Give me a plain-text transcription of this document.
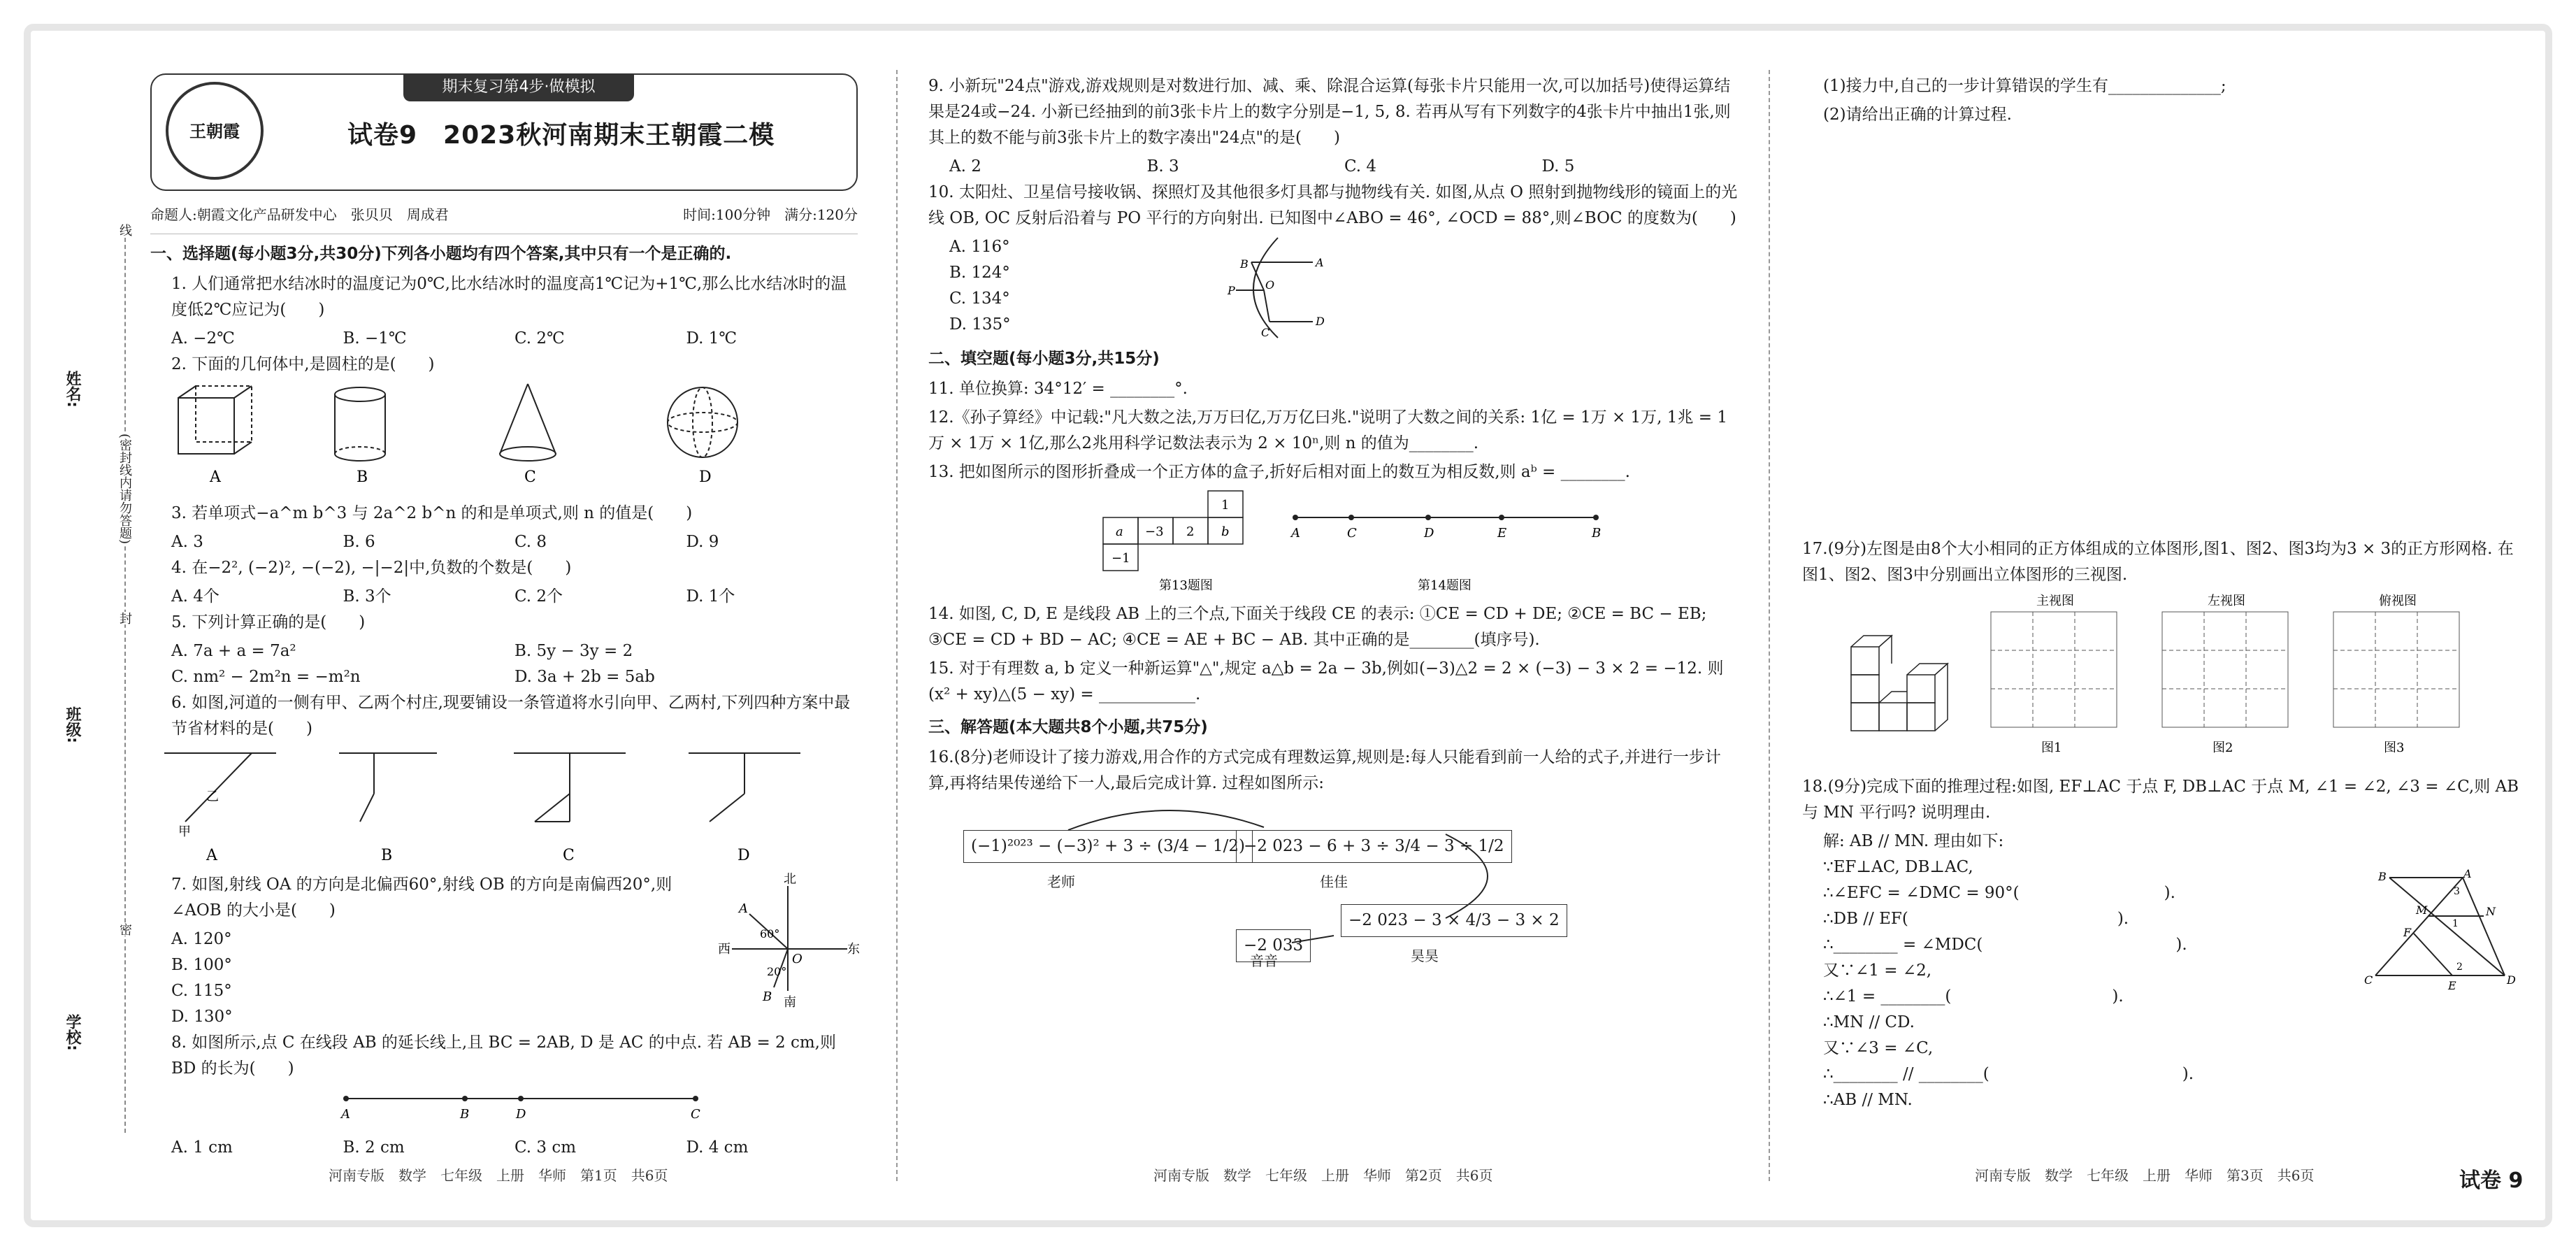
姓名:
班级:
学校:
线
(密封线内请勿答题)
封
密
期末复习第4步·做模拟
王朝霞	试卷9　2023秋河南期末王朝霞二模
命题人:朝霞文化产品研发中心　张贝贝　周成君	时间:100分钟　满分:120分
一、选择题(每小题3分,共30分)下列各小题均有四个答案,其中只有一个是正确的.
1. 人们通常把水结冰时的温度记为0℃,比水结冰时的温度高1℃记为+1℃,那么比水结冰时的温度低2℃应记为(　　)
A. −2℃	B. −1℃	C. 2℃	D. 1℃
2. 下面的几何体中,是圆柱的是(　　)
A	B	C	D
3. 若单项式−a^m b^3 与 2a^2 b^n 的和是单项式,则 n 的值是(　　)
A. 3	B. 6	C. 8	D. 9
4. 在−2², (−2)², −(−2), −|−2|中,负数的个数是(　　)
A. 4个	B. 3个	C. 2个	D. 1个
5. 下列计算正确的是(　　)
A. 7a + a = 7a²	B. 5y − 3y = 2
C. nm² − 2m²n = −m²n	D. 3a + 2b = 5ab
6. 如图,河道的一侧有甲、乙两个村庄,现要铺设一条管道将水引向甲、乙两村,下列四种方案中最节省材料的是(　　)
乙
甲
A	B	C	D
7. 如图,射线 OA 的方向是北偏西60°,射线 OB 的方向是南偏西20°,则∠AOB 的大小是(　　)
A. 120°
B. 100°
C. 115°
D. 130°
北
南
西	东
A
B
O
60°
20°
8. 如图所示,点 C 在线段 AB 的延长线上,且 BC = 2AB, D 是 AC 的中点. 若 AB = 2 cm,则 BD 的长为(　　)
A	B	D	C
A. 1 cm	B. 2 cm	C. 3 cm	D. 4 cm
9. 小新玩"24点"游戏,游戏规则是对数进行加、减、乘、除混合运算(每张卡片只能用一次,可以加括号)使得运算结果是24或−24. 小新已经抽到的前3张卡片上的数字分别是−1, 5, 8. 若再从写有下列数字的4张卡片中抽出1张,则其上的数不能与前3张卡片上的数字凑出"24点"的是(　　)
A. 2	B. 3	C. 4	D. 5
10. 太阳灶、卫星信号接收锅、探照灯及其他很多灯具都与抛物线有关. 如图,从点 O 照射到抛物线形的镜面上的光线 OB, OC 反射后沿着与 PO 平行的方向射出. 已知图中∠ABO = 46°, ∠OCD = 88°,则∠BOC 的度数为(　　)
A. 116°
B. 124°
C. 134°
D. 135°
B	A
P	O
C
D
二、填空题(每小题3分,共15分)
11. 单位换算: 34°12′ = ________°.
12.《孙子算经》中记载:"凡大数之法,万万曰亿,万万亿曰兆."说明了大数之间的关系: 1亿 = 1万 × 1万, 1兆 = 1万 × 1万 × 1亿,那么2兆用科学记数法表示为 2 × 10ⁿ,则 n 的值为________.
13. 把如图所示的图形折叠成一个正方体的盒子,折好后相对面上的数互为相反数,则 aᵇ = ________.
1
a −3 2 b
−1
第13题图
A	C	D	E	B
第14题图
14. 如图, C, D, E 是线段 AB 上的三个点,下面关于线段 CE 的表示: ①CE = CD + DE; ②CE = BC − EB; ③CE = CD + BD − AC; ④CE = AE + BC − AB. 其中正确的是________(填序号).
15. 对于有理数 a, b 定义一种新运算"△",规定 a△b = 2a − 3b,例如(−3)△2 = 2 × (−3) − 3 × 2 = −12. 则(x² + xy)△(5 − xy) = ____________.
三、解答题(本大题共8个小题,共75分)
16.(8分)老师设计了接力游戏,用合作的方式完成有理数运算,规则是:每人只能看到前一人给的式子,并进行一步计算,再将结果传递给下一人,最后完成计算. 过程如图所示:
(−1)²⁰²³ − (−3)² + 3 ÷ (3/4 − 1/2)
老师
−2 023 − 6 + 3 ÷ 3/4 − 3 ÷ 1/2
佳佳
−2 023 − 3 × 4/3 − 3 × 2
昊昊
−2 033
音音
(1)接力中,自己的一步计算错误的学生有______________;
(2)请给出正确的计算过程.
17.(9分)左图是由8个大小相同的正方体组成的立体图形,图1、图2、图3均为3 × 3的正方形网格. 在图1、图2、图3中分别画出立体图形的三视图.
主视图	左视图	俯视图
图1	图2	图3
18.(9分)完成下面的推理过程:如图, EF⊥AC 于点 F, DB⊥AC 于点 M, ∠1 = ∠2, ∠3 = ∠C,则 AB 与 MN 平行吗? 说明理由.
解: AB // MN. 理由如下:
∵EF⊥AC, DB⊥AC,
∴∠EFC = ∠DMC = 90°(　　　　　　　　　).
∴DB // EF(　　　　　　　　　　　　　).
∴________ = ∠MDC(　　　　　　　　　　　　).
又∵∠1 = ∠2,
∴∠1 = ________(　　　　　　　　　　).
∴MN // CD.
又∵∠3 = ∠C,
∴________ // ________(　　　　　　　　　　　　).
∴AB // MN.
A
B
C	D
E
F
M	N
1
2
3
河南专版　数学　七年级　上册　华师　第1页　共6页	河南专版　数学　七年级　上册　华师　第2页　共6页	河南专版　数学　七年级　上册　华师　第3页　共6页	试卷 9
